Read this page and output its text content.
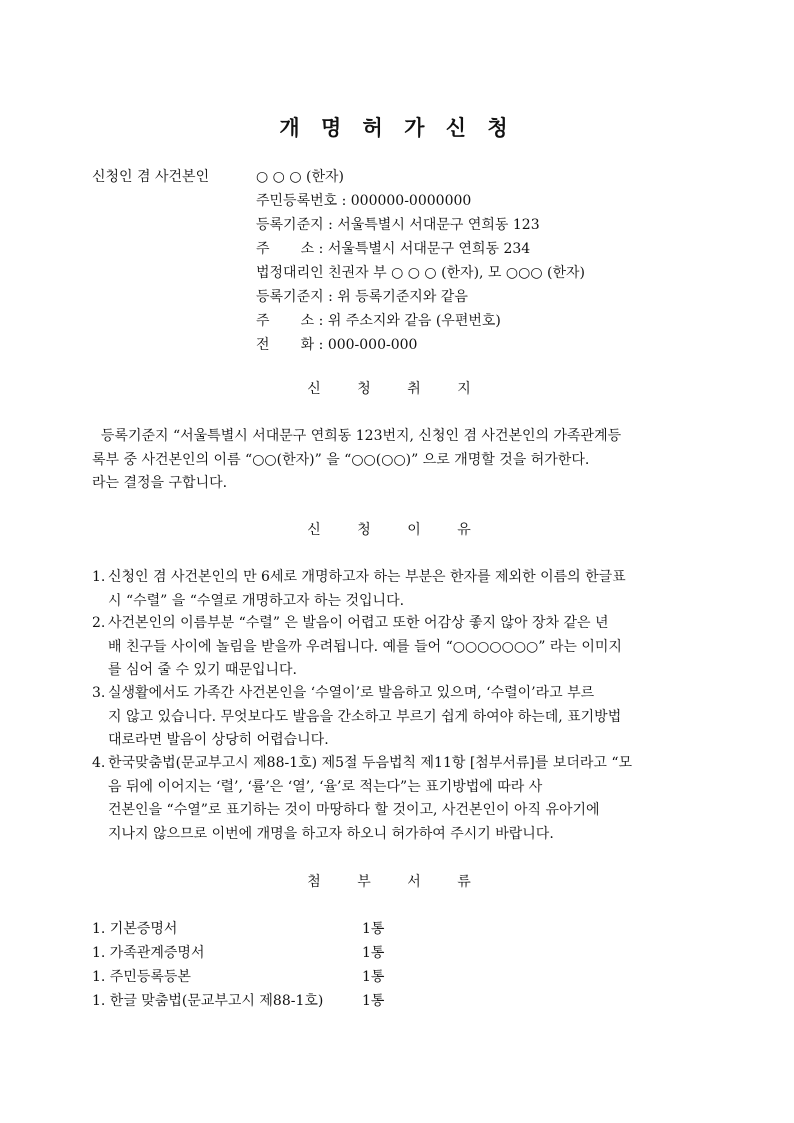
개 명 허 가 신 청
신청인 겸 사건본인	○ ○ ○ (한자)
주민등록번호 : 000000-0000000
등록기준지 : 서울특별시 서대문구 연희동 123
주       소 : 서울특별시 서대문구 연희동 234
법정대리인 친권자 부 ○ ○ ○ (한자), 모 ○○○ (한자)
등록기준지 : 위 등록기준지와 같음
주       소 : 위 주소지와 같음 (우편번호)
전       화 : 000-000-000
신 청 취 지
등록기준지 “서울특별시 서대문구 연희동 123번지, 신청인 겸 사건본인의 가족관계등
록부 중 사건본인의 이름 “○○(한자)” 을 “○○(○○)” 으로 개명할 것을 허가한다.
라는 결정을 구합니다.
신 청 이 유
1. 신청인 겸 사건본인의 만 6세로 개명하고자 하는 부분은 한자를 제외한 이름의 한글표
시 “수렬” 을 “수열로 개명하고자 하는 것입니다.
2. 사건본인의 이름부분 “수렬” 은 발음이 어렵고 또한 어감상 좋지 않아 장차 같은 년
배 친구들 사이에 놀림을 받을까 우려됩니다. 예를 들어 “○○○○○○○” 라는 이미지
를 심어 줄 수 있기 때문입니다.
3. 실생활에서도 가족간 사건본인을 ‘수열이’로 발음하고 있으며, ‘수렬이’라고 부르
지 않고 있습니다. 무엇보다도 발음을 간소하고 부르기 쉽게 하여야 하는데, 표기방법
대로라면 발음이 상당히 어렵습니다.
4. 한국맞춤법(문교부고시 제88-1호) 제5절 두음법칙 제11항 [첨부서류]를 보더라고 “모
음 뒤에 이어지는 ‘렬’, ‘률’은 ‘열’, ‘율’로 적는다”는 표기방법에 따라 사
건본인을 “수열”로 표기하는 것이 마땅하다 할 것이고, 사건본인이 아직 유아기에
지나지 않으므로 이번에 개명을 하고자 하오니 허가하여 주시기 바랍니다.
첨 부 서 류
1. 기본증명서	1통
1. 가족관계증명서	1통
1. 주민등록등본	1통
1. 한글 맞춤법(문교부고시 제88-1호)	1통
